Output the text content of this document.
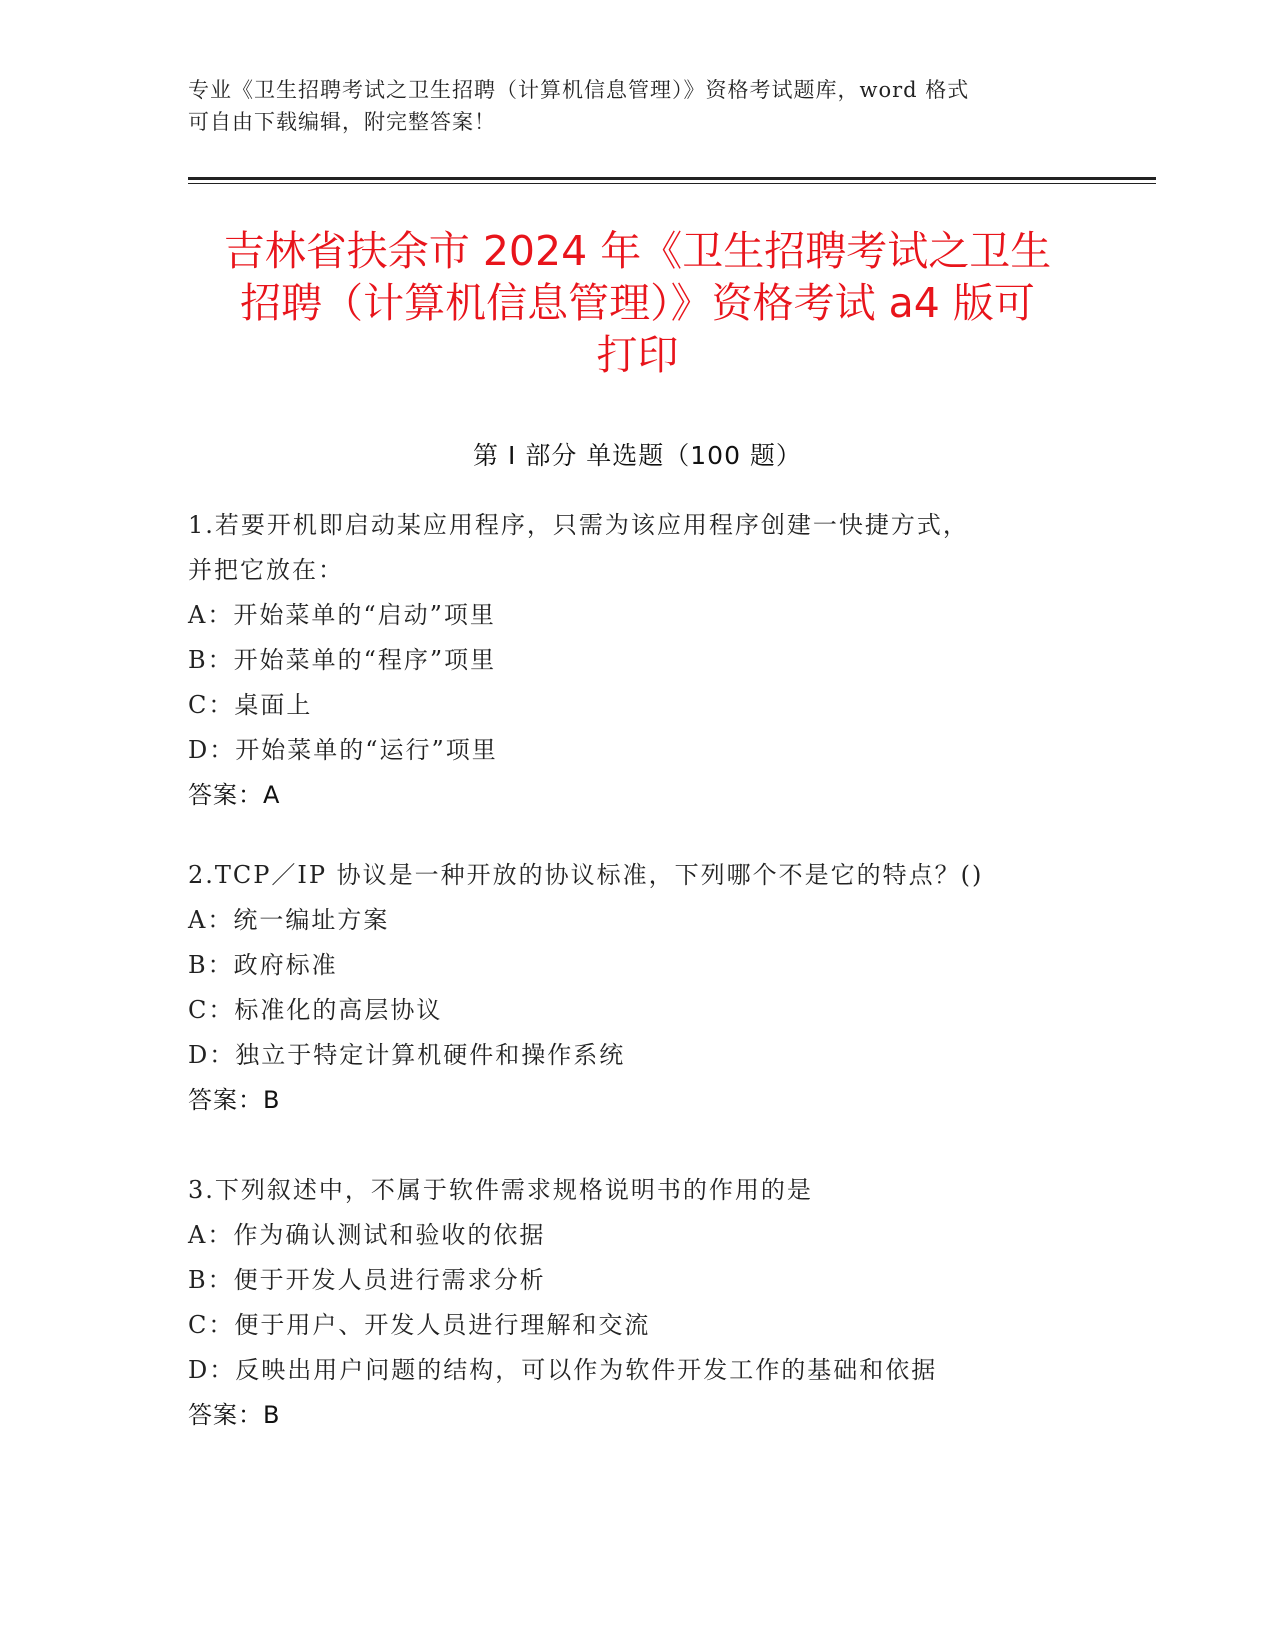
专业《卫生招聘考试之卫生招聘（计算机信息管理）》资格考试题库，word 格式
可自由下载编辑，附完整答案！
吉林省扶余市 2024 年《卫生招聘考试之卫生
招聘（计算机信息管理）》资格考试 a4 版可
打印
第 I 部分 单选题（100 题）
1.若要开机即启动某应用程序，只需为该应用程序创建一快捷方式，
并把它放在：
A：开始菜单的“启动”项里
B：开始菜单的“程序”项里
C：桌面上
D：开始菜单的“运行”项里
答案：A
2.TCP／IP 协议是一种开放的协议标准，下列哪个不是它的特点？()
A：统一编址方案
B：政府标准
C：标准化的高层协议
D：独立于特定计算机硬件和操作系统
答案：B
3.下列叙述中，不属于软件需求规格说明书的作用的是
A：作为确认测试和验收的依据
B：便于开发人员进行需求分析
C：便于用户、开发人员进行理解和交流
D：反映出用户问题的结构，可以作为软件开发工作的基础和依据
答案：B
